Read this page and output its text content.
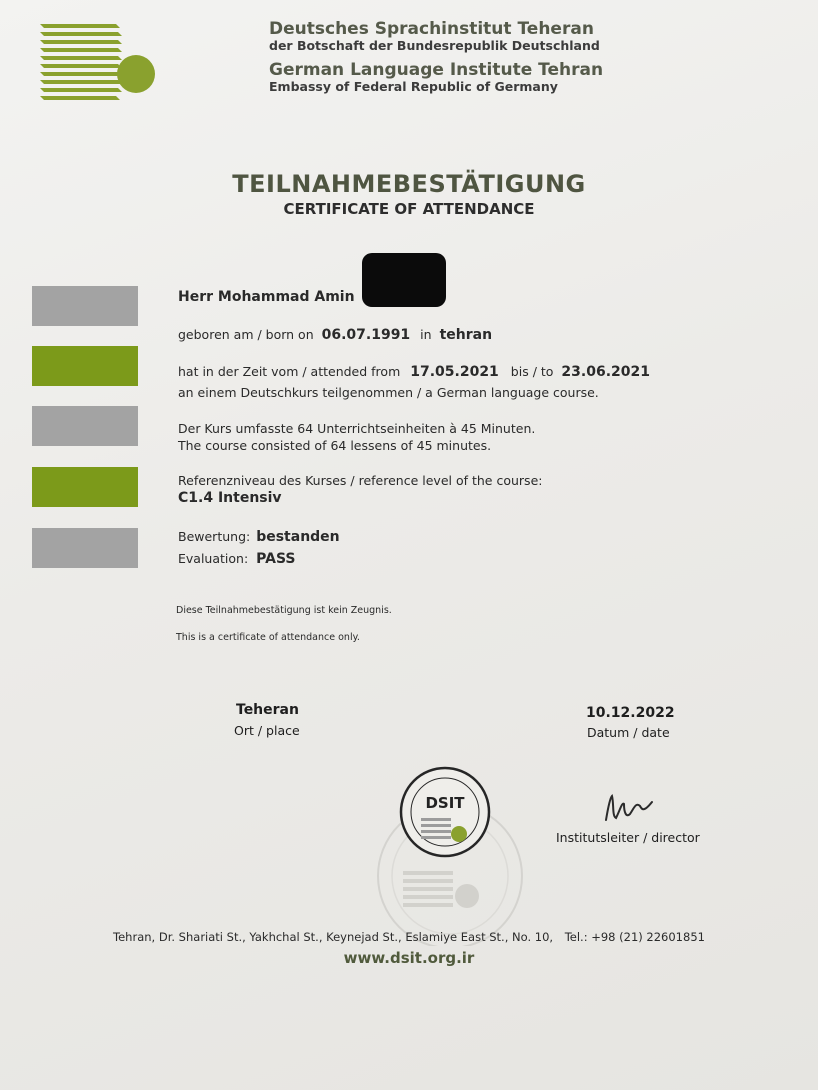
Deutsches Sprachinstitut Teheran
der Botschaft der Bundesrepublik Deutschland
German Language Institute Tehran
Embassy of Federal Republic of Germany
TEILNAHMEBESTÄTIGUNG
CERTIFICATE OF ATTENDANCE
Herr Mohammad Amin
geboren am / born on 06.07.1991 in tehran
hat in der Zeit vom / attended from 17.05.2021 bis / to 23.06.2021
an einem Deutschkurs teilgenommen / a German language course.
Der Kurs umfasste 64 Unterrichtseinheiten à 45 Minuten.
The course consisted of 64 lessens of 45 minutes.
Referenzniveau des Kurses / reference level of the course:
C1.4 Intensiv
Bewertung: bestanden
Evaluation: PASS
Diese Teilnahmebestätigung ist kein Zeugnis.
This is a certificate of attendance only.
Teheran
Ort / place
10.12.2022
Datum / date
DSIT
Institutsleiter / director
Tehran, Dr. Shariati St., Yakhchal St., Keynejad St., Eslamiye East St., No. 10, Tel.: +98 (21) 22601851
www.dsit.org.ir
